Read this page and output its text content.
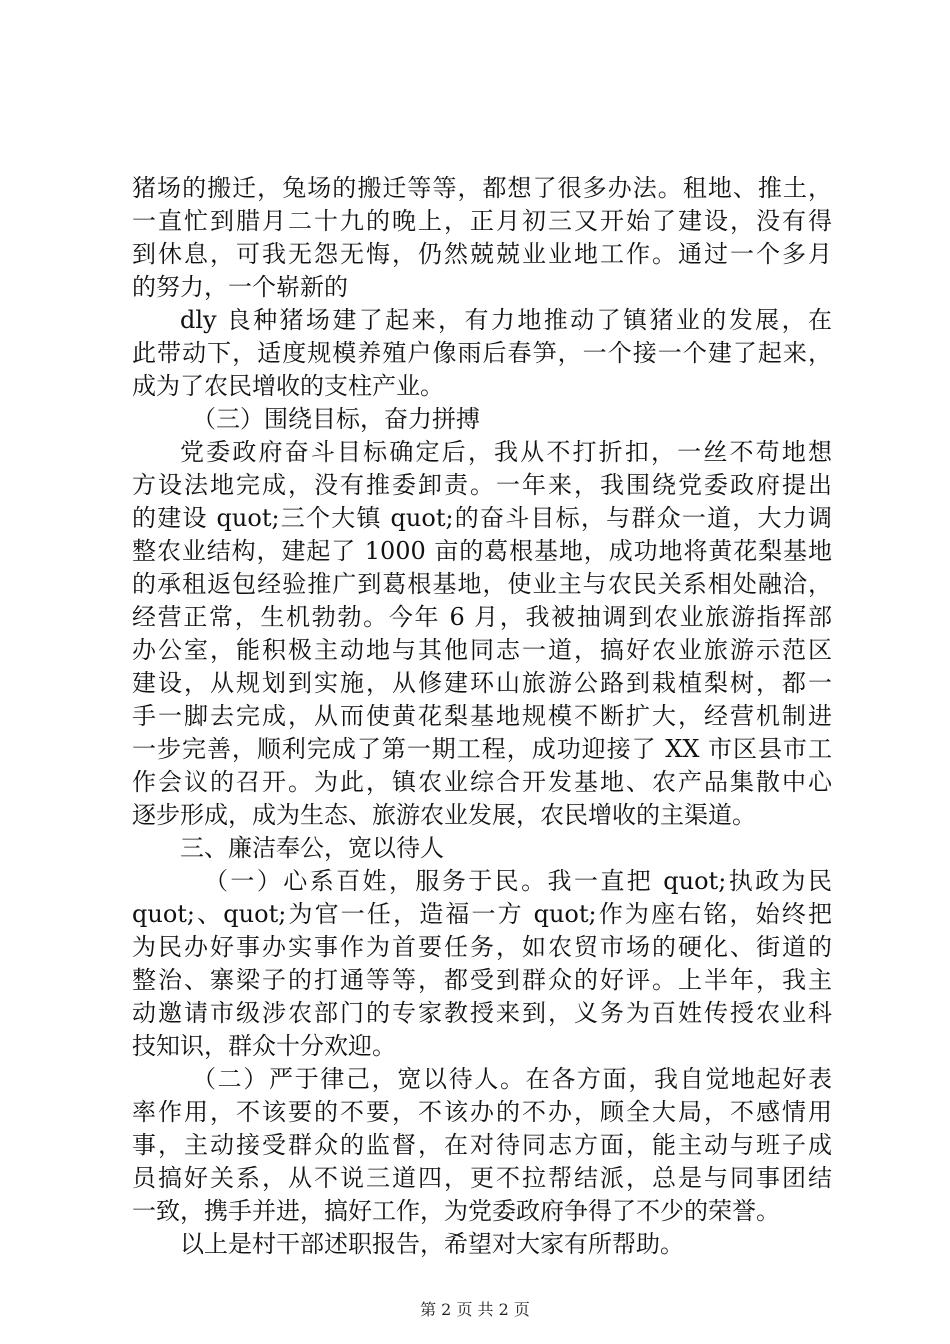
猪场的搬迁，兔场的搬迁等等，都想了很多办法。租地、推土，
一直忙到腊月二十九的晚上，正月初三又开始了建设，没有得
到休息，可我无怨无悔，仍然兢兢业业地工作。通过一个多月
的努力，一个崭新的
dly 良种猪场建了起来，有力地推动了镇猪业的发展，在
此带动下，适度规模养殖户像雨后春笋，一个接一个建了起来，
成为了农民增收的支柱产业。
（三）围绕目标，奋力拼搏
党委政府奋斗目标确定后，我从不打折扣，一丝不苟地想
方设法地完成，没有推委卸责。一年来，我围绕党委政府提出
的建设 quot;三个大镇 quot;的奋斗目标，与群众一道，大力调
整农业结构，建起了 1000 亩的葛根基地，成功地将黄花梨基地
的承租返包经验推广到葛根基地，使业主与农民关系相处融洽，
经营正常，生机勃勃。今年 6 月，我被抽调到农业旅游指挥部
办公室，能积极主动地与其他同志一道，搞好农业旅游示范区
建设，从规划到实施，从修建环山旅游公路到栽植梨树，都一
手一脚去完成，从而使黄花梨基地规模不断扩大，经营机制进
一步完善，顺利完成了第一期工程，成功迎接了 XX 市区县市工
作会议的召开。为此，镇农业综合开发基地、农产品集散中心
逐步形成，成为生态、旅游农业发展，农民增收的主渠道。
三、廉洁奉公，宽以待人
（一）心系百姓，服务于民。我一直把 quot;执政为民
quot;、quot;为官一任，造福一方 quot;作为座右铭，始终把
为民办好事办实事作为首要任务，如农贸市场的硬化、街道的
整治、寨梁子的打通等等，都受到群众的好评。上半年，我主
动邀请市级涉农部门的专家教授来到，义务为百姓传授农业科
技知识，群众十分欢迎。
（二）严于律己，宽以待人。在各方面，我自觉地起好表
率作用，不该要的不要，不该办的不办，顾全大局，不感情用
事，主动接受群众的监督，在对待同志方面，能主动与班子成
员搞好关系，从不说三道四，更不拉帮结派，总是与同事团结
一致，携手并进，搞好工作，为党委政府争得了不少的荣誉。
以上是村干部述职报告，希望对大家有所帮助。
第 2 页 共 2 页
